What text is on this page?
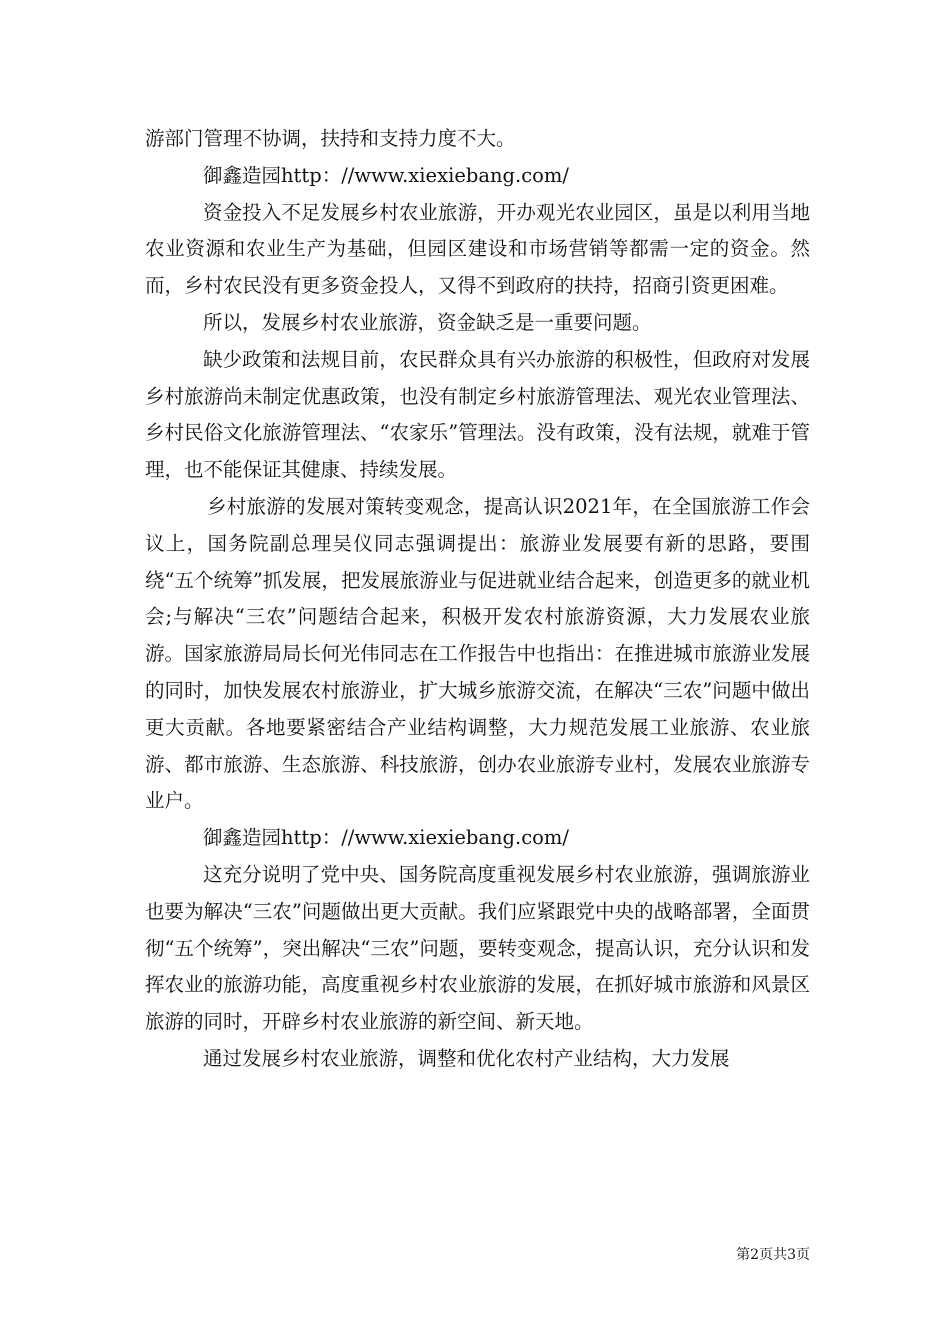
游部门管理不协调，扶持和支持力度不大。

御鑫造园http：//www.xiexiebang.com/

资金投入不足发展乡村农业旅游，开办观光农业园区，虽是以利用当地农业资源和农业生产为基础，但园区建设和市场营销等都需一定的资金。然而，乡村农民没有更多资金投人，又得不到政府的扶持，招商引资更困难。

所以，发展乡村农业旅游，资金缺乏是一重要问题。

缺少政策和法规目前，农民群众具有兴办旅游的积极性，但政府对发展乡村旅游尚未制定优惠政策，也没有制定乡村旅游管理法、观光农业管理法、乡村民俗文化旅游管理法、“农家乐”管理法。没有政策，没有法规，就难于管理，也不能保证其健康、持续发展。

乡村旅游的发展对策转变观念，提高认识2021年，在全国旅游工作会议上，国务院副总理吴仪同志强调提出：旅游业发展要有新的思路，要围绕“五个统筹”抓发展，把发展旅游业与促进就业结合起来，创造更多的就业机会;与解决“三农”问题结合起来，积极开发农村旅游资源，大力发展农业旅游。国家旅游局局长何光伟同志在工作报告中也指出：在推进城市旅游业发展的同时，加快发展农村旅游业，扩大城乡旅游交流，在解决“三农”问题中做出更大贡献。各地要紧密结合产业结构调整，大力规范发展工业旅游、农业旅游、都市旅游、生态旅游、科技旅游，创办农业旅游专业村，发展农业旅游专业户。

御鑫造园http：//www.xiexiebang.com/

这充分说明了党中央、国务院高度重视发展乡村农业旅游，强调旅游业也要为解决“三农”问题做出更大贡献。我们应紧跟党中央的战略部署，全面贯彻“五个统筹”，突出解决“三农”问题，要转变观念，提高认识，充分认识和发挥农业的旅游功能，高度重视乡村农业旅游的发展，在抓好城市旅游和风景区旅游的同时，开辟乡村农业旅游的新空间、新天地。

通过发展乡村农业旅游，调整和优化农村产业结构，大力发展

第2页共3页
